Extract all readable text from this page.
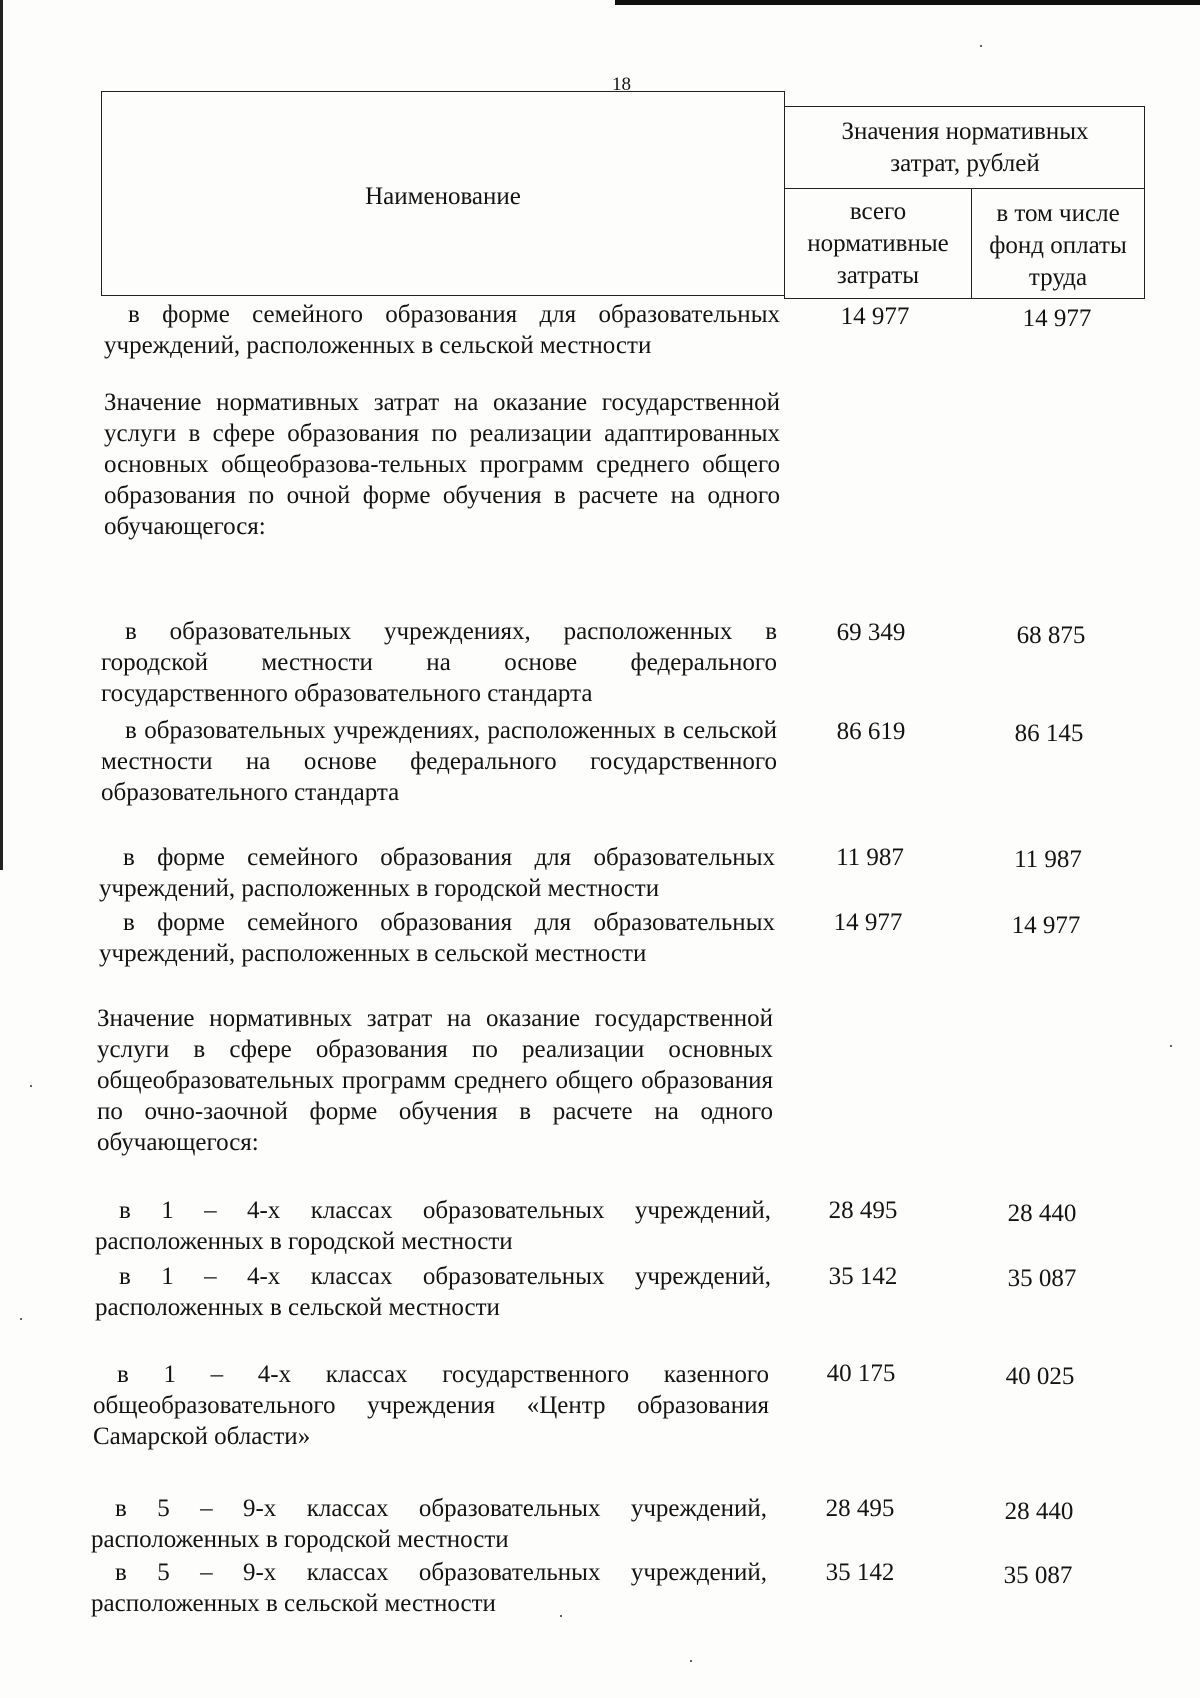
18
Наименование
Значения нормативных затрат, рублей
всего нормативные затраты
в том числе фонд оплаты труда
в форме семейного образования для образовательных учреждений, расположенных в сельской местности
14 977	14 977
Значение нормативных затрат на оказание государственной услуги в сфере образования по реализации адаптированных основных общеобразова-тельных программ среднего общего образования по очной форме обучения в расчете на одного обучающегося:
в образовательных учреждениях, расположенных в городской местности на основе федерального государственного образовательного стандарта
69 349	68 875
в образовательных учреждениях, расположенных в сельской местности на основе федерального государственного образовательного стандарта
86 619	86 145
в форме семейного образования для образовательных учреждений, расположенных в городской местности
11 987	11 987
в форме семейного образования для образовательных учреждений, расположенных в сельской местности
14 977	14 977
Значение нормативных затрат на оказание государственной услуги в сфере образования по реализации основных общеобразовательных программ среднего общего образования по очно-заочной форме обучения в расчете на одного обучающегося:
в 1 – 4-х классах образовательных учреждений, расположенных в городской местности
28 495	28 440
в 1 – 4-х классах образовательных учреждений, расположенных в сельской местности
35 142	35 087
в 1 – 4-х классах государственного казенного общеобразовательного учреждения «Центр образования Самарской области»
40 175	40 025
в 5 – 9-х классах образовательных учреждений, расположенных в городской местности
28 495	28 440
в 5 – 9-х классах образовательных учреждений, расположенных в сельской местности
35 142	35 087
